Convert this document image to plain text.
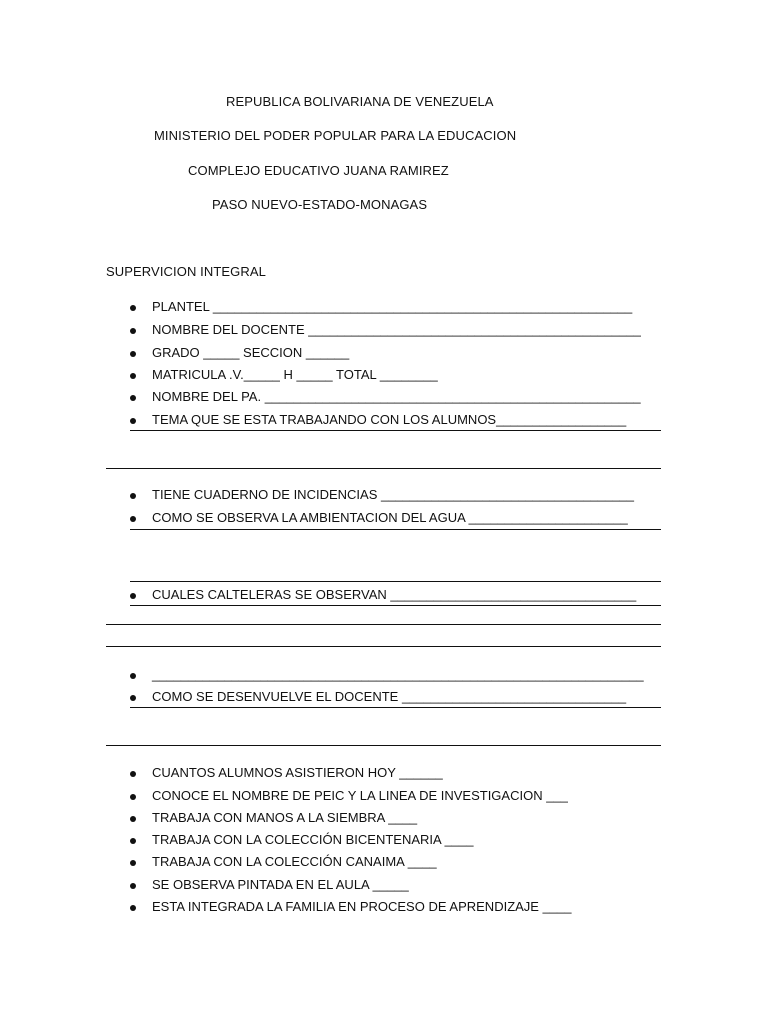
REPUBLICA BOLIVARIANA DE VENEZUELA
MINISTERIO DEL PODER POPULAR PARA LA EDUCACION
COMPLEJO EDUCATIVO JUANA RAMIREZ
PASO NUEVO-ESTADO-MONAGAS
SUPERVICION INTEGRAL
PLANTEL __________________________________________________________
NOMBRE DEL DOCENTE ______________________________________________
GRADO _____ SECCION ______
MATRICULA .V._____ H _____ TOTAL ________
NOMBRE DEL PA. ____________________________________________________
TEMA QUE SE ESTA TRABAJANDO CON LOS ALUMNOS__________________
TIENE CUADERNO DE INCIDENCIAS ___________________________________
COMO SE OBSERVA LA AMBIENTACION DEL AGUA ______________________
CUALES CALTELERAS SE OBSERVAN __________________________________
____________________________________________________________________
COMO SE DESENVUELVE EL DOCENTE _______________________________
CUANTOS ALUMNOS ASISTIERON HOY ______
CONOCE EL NOMBRE DE PEIC Y LA LINEA DE INVESTIGACION ___
TRABAJA CON MANOS A LA SIEMBRA ____
TRABAJA CON LA COLECCIÓN BICENTENARIA ____
TRABAJA CON LA COLECCIÓN CANAIMA ____
SE OBSERVA PINTADA EN EL AULA _____
ESTA INTEGRADA LA FAMILIA EN PROCESO DE APRENDIZAJE ____
